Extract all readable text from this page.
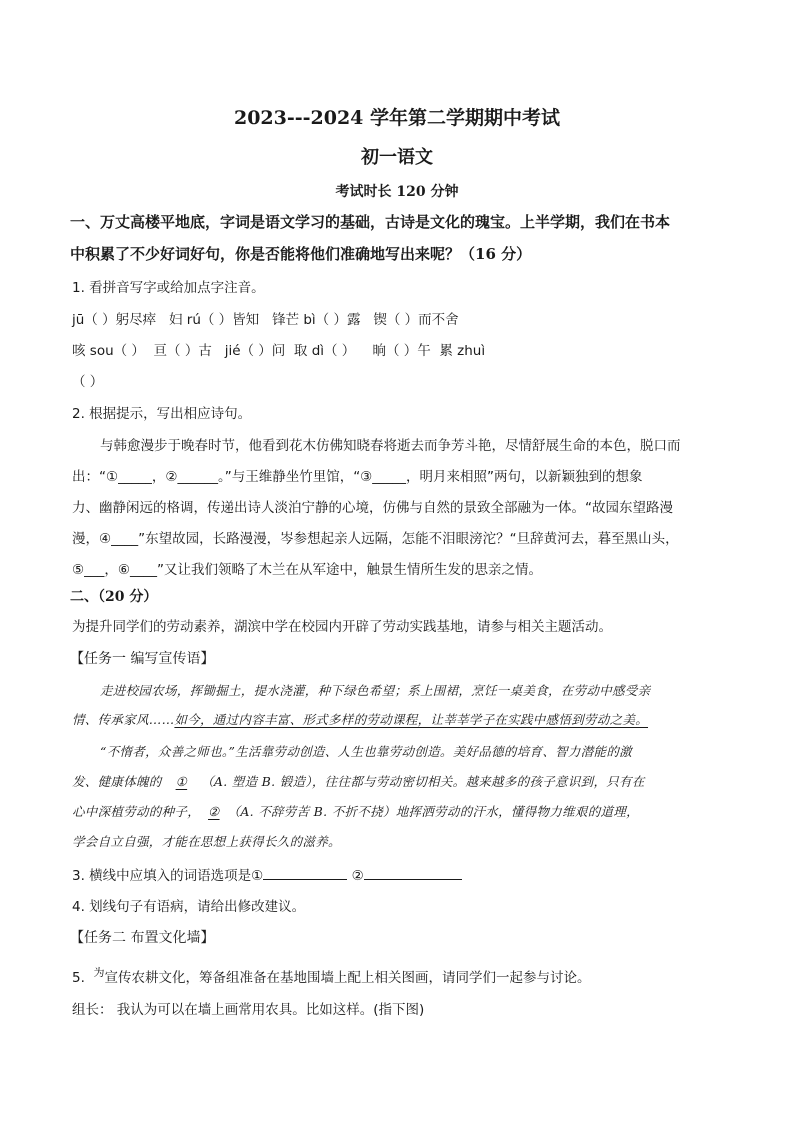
2023---2024 学年第二学期期中考试
初一语文
考试时长 120 分钟
一、万丈高楼平地底，字词是语文学习的基础，古诗是文化的瑰宝。上半学期，我们在书本
中积累了不少好词好句，你是否能将他们准确地写出来呢？（16 分）
1. 看拼音写字或给加点字注音。
jū（ ）躬尽瘁 妇 rú（ ）皆知 锋芒 bì（ ）露 锲（ ）而不舍
咳 sou（ ） 亘（ ）古 jié（ ）问 取 dì（ ） 晌（ ）午 累 zhuì
（ ）
2. 根据提示，写出相应诗句。
与韩愈漫步于晚春时节，他看到花木仿佛知晓春将逝去而争芳斗艳，尽情舒展生命的本色，脱口而
出：“①_____，②______。”与王维静坐竹里馆，“③_____，明月来相照”两句，以新颖独到的想象
力、幽静闲远的格调，传递出诗人淡泊宁静的心境，仿佛与自然的景致全部融为一体。“故园东望路漫
漫，④____”东望故园，长路漫漫，岑参想起亲人远隔，怎能不泪眼滂沱？“旦辞黄河去，暮至黑山头，
⑤___，⑥____”又让我们领略了木兰在从军途中，触景生情所生发的思亲之情。
二、（20 分）
为提升同学们的劳动素养，湖滨中学在校园内开辟了劳动实践基地，请参与相关主题活动。
【任务一 编写宣传语】
走进校园农场，挥锄掘土，提水浇灌，种下绿色希望；系上围裙，烹饪一桌美食，在劳动中感受亲
情、传承家风……如今，通过内容丰富、形式多样的劳动课程，让莘莘学子在实践中感悟到劳动之美。
“不惰者，众善之师也。”生活靠劳动创造、人生也靠劳动创造。美好品德的培育、智力潜能的激
发、健康体魄的 ① （A. 塑造 B. 锻造），往往都与劳动密切相关。越来越多的孩子意识到，只有在
心中深植劳动的种子， ② （A. 不辞劳苦 B. 不折不挠）地挥洒劳动的汗水，懂得物力维艰的道理，
学会自立自强，才能在思想上获得长久的滋养。
3. 横线中应填入的词语选项是①	②
4. 划线句子有语病，请给出修改建议。
【任务二 布置文化墙】
5. $^为$宣传农耕文化，筹备组准备在基地围墙上配上相关图画，请同学们一起参与讨论。
组长： 我认为可以在墙上画常用农具。比如这样。(指下图)
